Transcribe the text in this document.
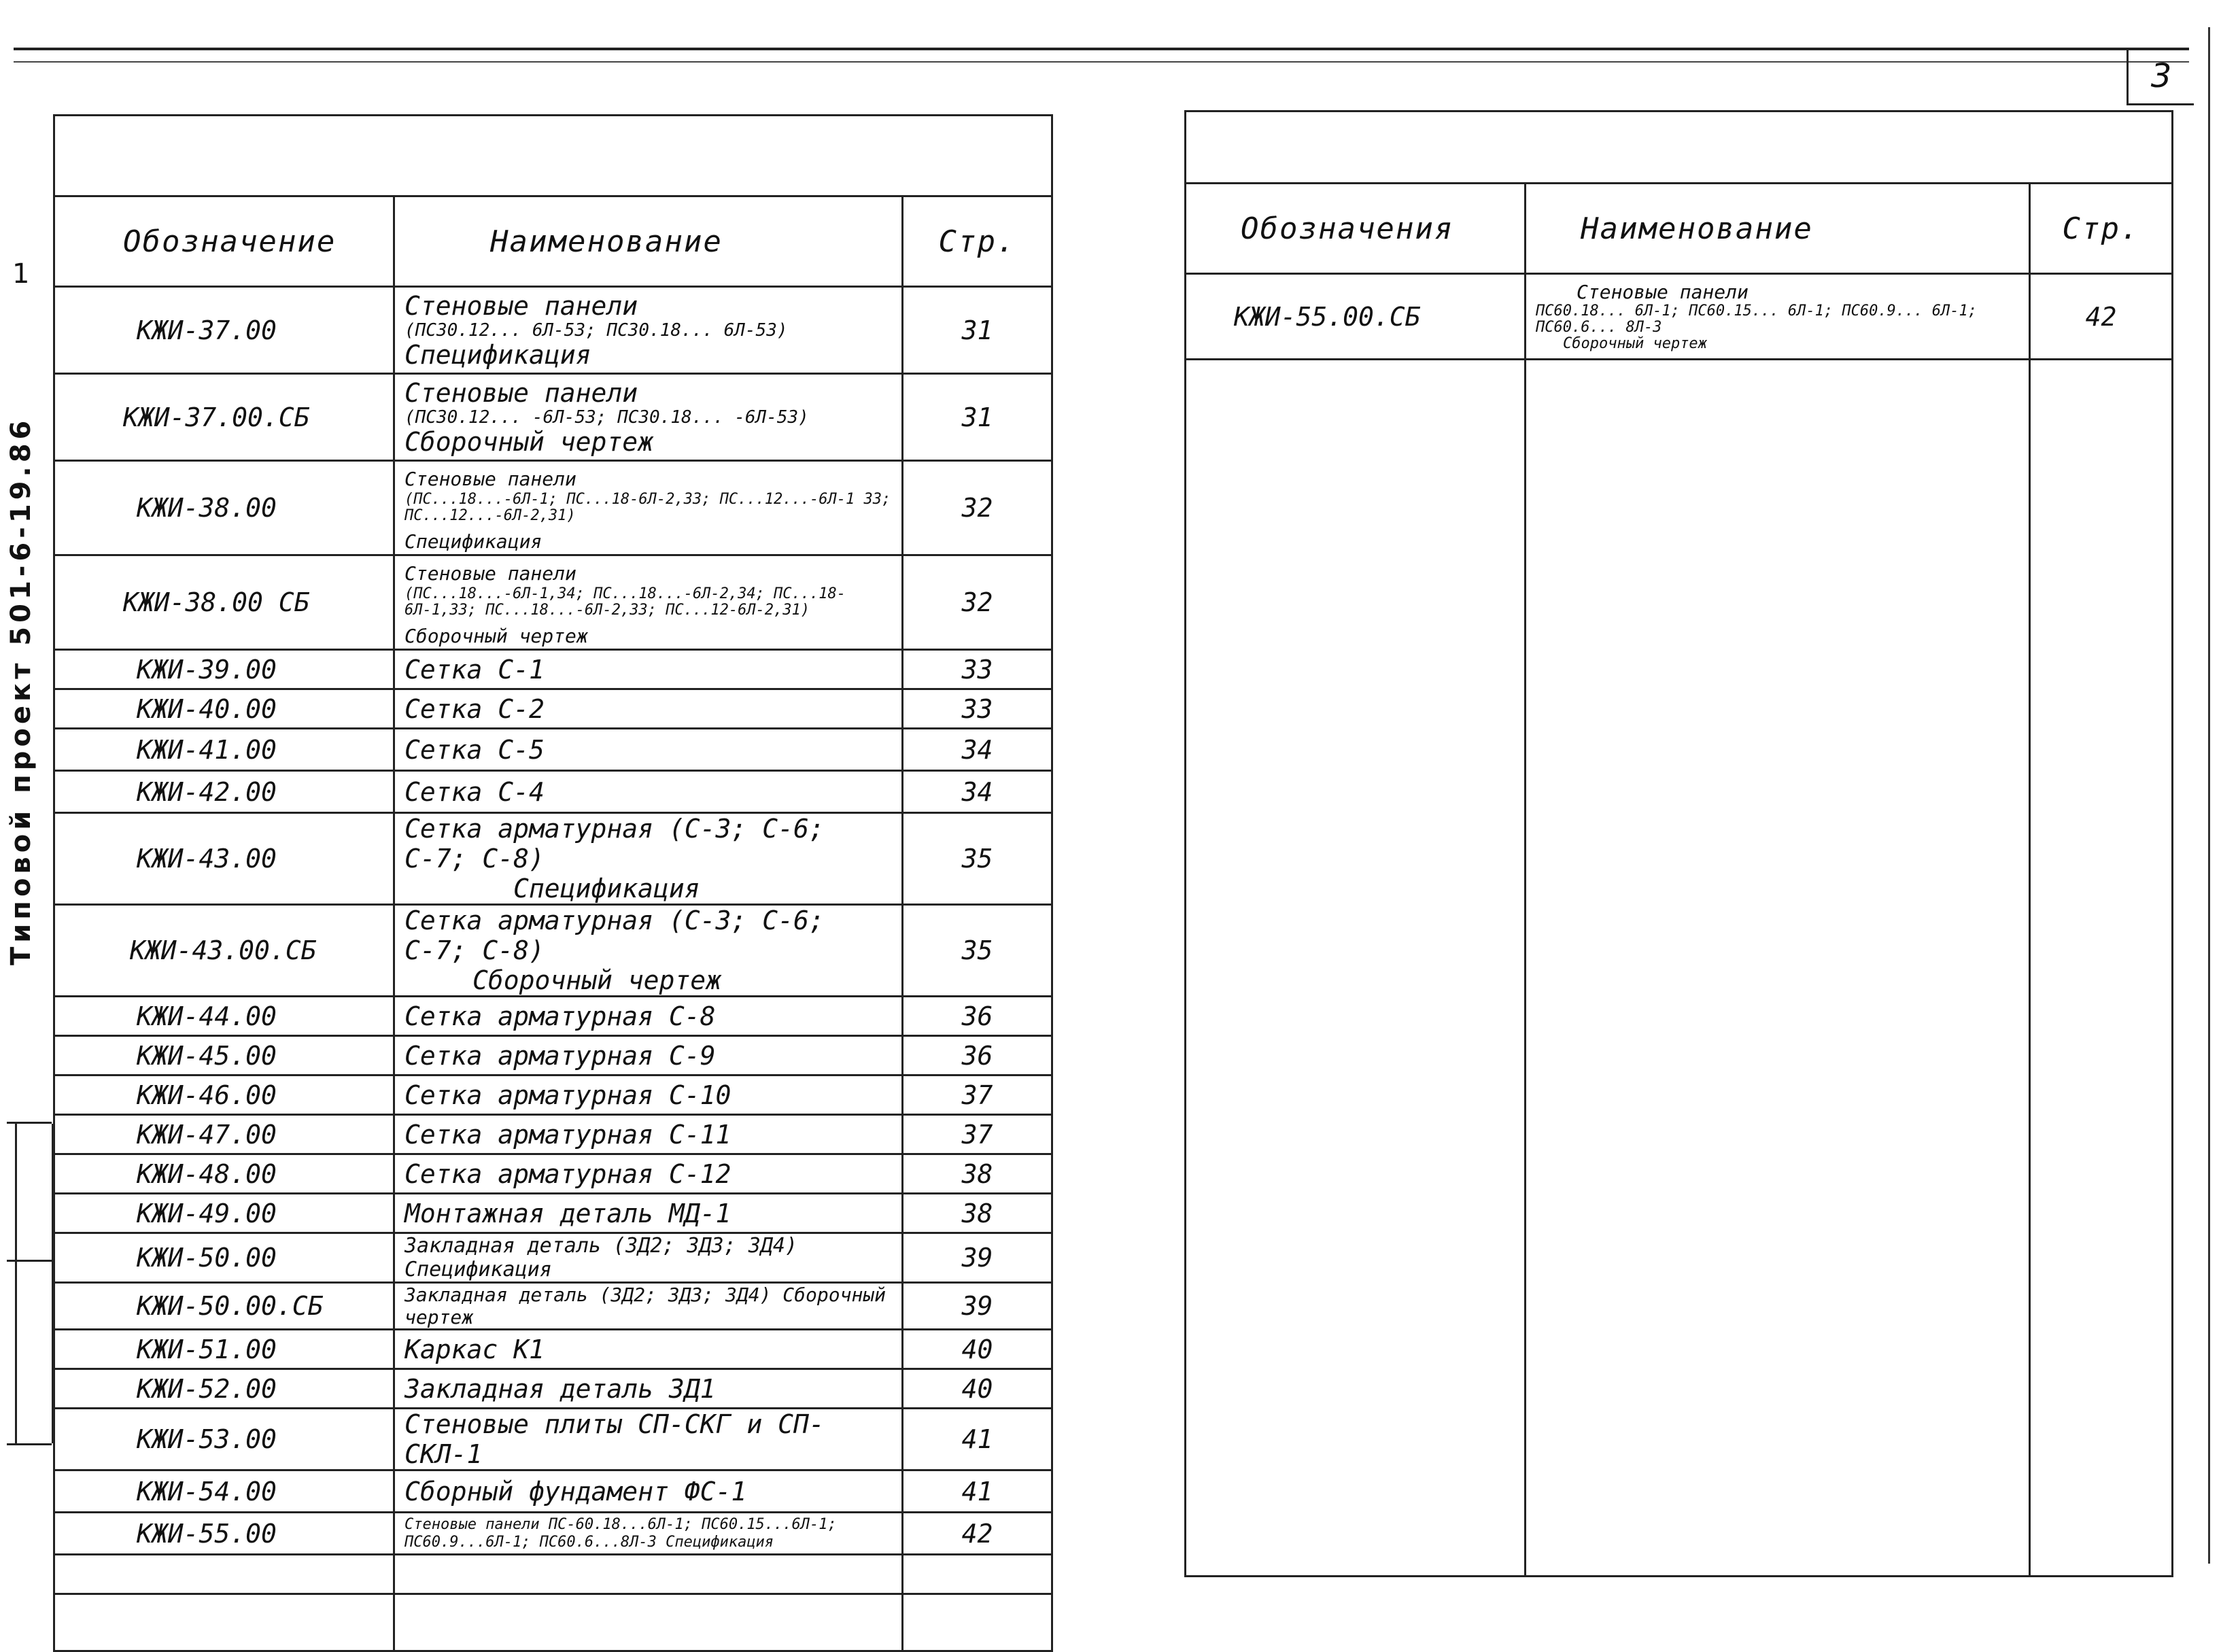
3
1
Типовой проект 501-6-19.86

Обозначение	Наименование	Стр.
КЖИ-37.00	Стеновые панели
(ПС30.12... 6Л-53; ПС30.18... 6Л-53)
Спецификация	31
КЖИ-37.00.СБ	Стеновые панели
(ПС30.12... -6Л-53; ПС30.18... -6Л-53)
Сборочный чертеж	31
КЖИ-38.00	Стеновые панели
(ПС...18...-6Л-1; ПС...18-6Л-2,33; ПС...12...-6Л-1 33; ПС...12...-6Л-2,31)
Спецификация	32
КЖИ-38.00 СБ	Стеновые панели
(ПС...18...-6Л-1,34; ПС...18...-6Л-2,34; ПС...18-6Л-1,33; ПС...18...-6Л-2,33; ПС...12-6Л-2,31)
Сборочный чертеж	32
КЖИ-39.00	Сетка С-1	33
КЖИ-40.00	Сетка С-2	33
КЖИ-41.00	Сетка С-5	34
КЖИ-42.00	Сетка С-4	34
КЖИ-43.00	Сетка арматурная (С-3; С-6; С-7; С-8)
Спецификация	35
КЖИ-43.00.СБ	Сетка арматурная (С-3; С-6; С-7; С-8)
Сборочный чертеж	35
КЖИ-44.00	Сетка арматурная С-8	36
КЖИ-45.00	Сетка арматурная С-9	36
КЖИ-46.00	Сетка арматурная С-10	37
КЖИ-47.00	Сетка арматурная С-11	37
КЖИ-48.00	Сетка арматурная С-12	38
КЖИ-49.00	Монтажная деталь МД-1	38
КЖИ-50.00	Закладная деталь (ЗД2; ЗД3; ЗД4) Спецификация	39
КЖИ-50.00.СБ	Закладная деталь (ЗД2; ЗД3; ЗД4) Сборочный чертеж	39
КЖИ-51.00	Каркас К1	40
КЖИ-52.00	Закладная деталь ЗД1	40
КЖИ-53.00	Стеновые плиты СП-СКГ и СП-СКЛ-1	41
КЖИ-54.00	Сборный фундамент ФС-1	41
КЖИ-55.00	Стеновые панели ПС-60.18...6Л-1; ПС60.15...6Л-1; ПС60.9...6Л-1; ПС60.6...8Л-3 Спецификация	42

Обозначения	Наименование	Стр.
КЖИ-55.00.СБ	Стеновые панели
ПС60.18... 6Л-1; ПС60.15... 6Л-1; ПС60.9... 6Л-1; ПС60.6... 8Л-3
Сборочный чертеж	42
